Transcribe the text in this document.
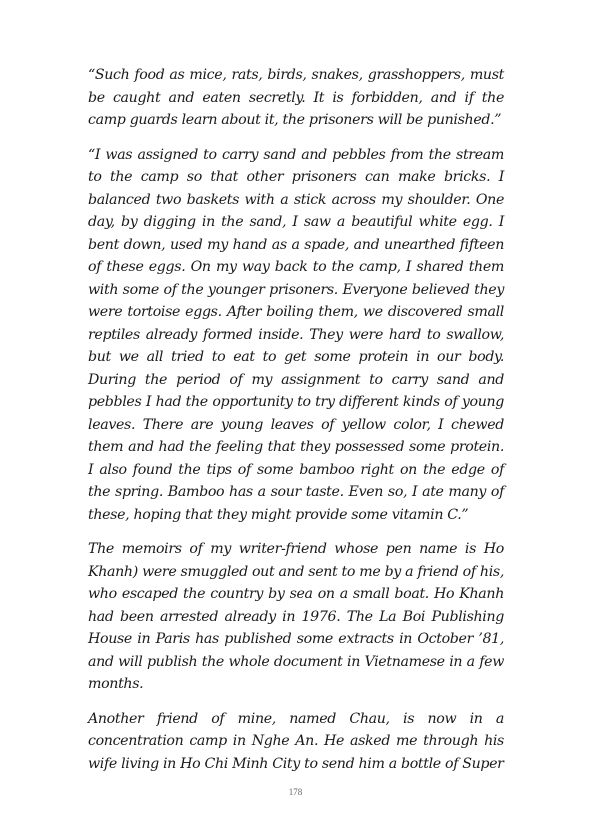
“Such food as mice, rats, birds, snakes, grasshoppers, must be caught and eaten secretly. It is forbidden, and if the camp guards learn about it, the prisoners will be punished.”

“I was assigned to carry sand and pebbles from the stream to the camp so that other prisoners can make bricks. I balanced two baskets with a stick across my shoulder. One day, by digging in the sand, I saw a beautiful white egg. I bent down, used my hand as a spade, and unearthed fifteen of these eggs. On my way back to the camp, I shared them with some of the younger prisoners. Everyone believed they were tortoise eggs. After boiling them, we discovered small reptiles already formed inside. They were hard to swallow, but we all tried to eat to get some protein in our body. During the period of my assignment to carry sand and pebbles I had the opportunity to try different kinds of young leaves. There are young leaves of yellow color, I chewed them and had the feeling that they possessed some protein. I also found the tips of some bamboo right on the edge of the spring. Bamboo has a sour taste. Even so, I ate many of these, hoping that they might provide some vitamin C.”

The memoirs of my writer-friend whose pen name is Ho Khanh) were smuggled out and sent to me by a friend of his, who escaped the country by sea on a small boat. Ho Khanh had been arrested already in 1976. The La Boi Publishing House in Paris has published some extracts in October ’81, and will publish the whole document in Vietnamese in a few months.

Another friend of mine, named Chau, is now in a concentration camp in Nghe An. He asked me through his wife living in Ho Chi Minh City to send him a bottle of Super

178
